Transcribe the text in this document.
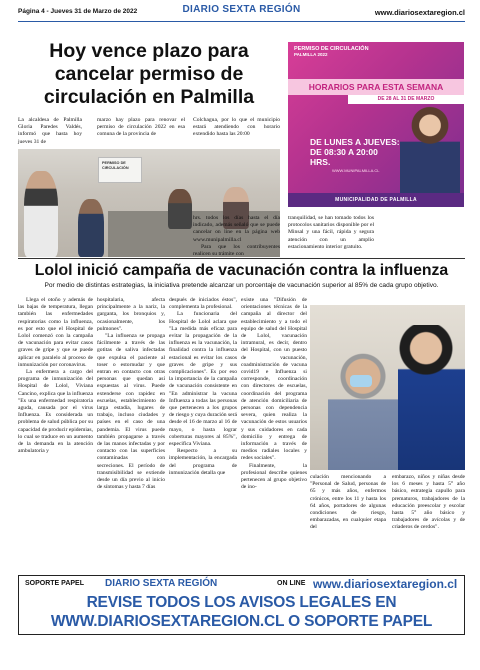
Página 4 - Jueves 31 de Marzo de 2022	DIARIO SEXTA REGIÓN	www.diariosextaregion.cl
Hoy vence plazo para cancelar permiso de circulación en Palmilla
La alcaldesa de Palmilla Gloria Paredes Valdés, informó que hasta hoy jueves 31 de
marzo hay plazo para renovar el permiso de circulación 2022 en esa comuna de la provincia de
Colchagua, por lo que el municipio estará atendiendo con horario extendido hasta las 20:00
PERMISO DE CIRCULACIÓN
hrs. todos los días hasta el día indicado, además señaló que se puede cancelar on line en la página web www.munipalmilla.cl
Para que los contribuyentes realicen su trámite con
tranquilidad, se han tomado todos los protocolos sanitarios disponible por el Minsal y una fácil, rápida y segura atención con un amplio estacionamiento interior gratuito.
PERMISO DE CIRCULACIÓN
PALMILLA 2022
HORARIOS PARA ESTA SEMANA
DE 28 AL 31 DE MARZO
DE LUNES A JUEVES: DE 08:30 A 20:00 HRS.
WWW.MUNIPALMILLA.CL
MUNICIPALIDAD DE PALMILLA
Lolol inició campaña de vacunación contra la influenza
Por medio de distintas estrategias, la iniciativa pretende alcanzar un porcentaje de vacunación superior al 85% de cada grupo objetivo.
Llega el otoño y además de las bajas de temperatura, llegan también las enfermedades respiratorias como la influenza, es por esto que el Hospital de Lolol comenzó con la campaña de vacunación para evitar casos graves de gripe y que se puede aplicar en paralelo al proceso de inmunización por coronavirus.
La enfermera a cargo del programa de inmunización del Hospital de Lolol, Viviana Cancino, explica que la influenza "Es una enfermedad respiratoria aguda, causada por el virus Influenza. Es considerada un problema de salud pública por su capacidad de producir epidemias, lo cual se traduce en un aumento de la demanda en la atención ambulatoria y
hospitalaria, afecta principalmente a la nariz, la garganta, los bronquios y, ocasionalmente, los pulmones".
"La influenza se propaga fácilmente a través de las gotitas de saliva infectadas que expulsa el paciente al toser o estornudar y que entran en contacto con otras personas que quedan así expuestas al virus. Puede extenderse con rapidez en escuelas, establecimiento de larga estadía, lugares de trabajo, incluso ciudades y países en el caso de una pandemia. El virus puede también propagarse a través de las manos infectadas y por contacto con las superficies contaminadas con secreciones. El período de transmisibilidad se extiende desde un día previo al inicio de síntomas y hasta 7 días
después de iniciados éstos", complementa la profesional.
La funcionaria del Hospital de Lolol aclara que "La medida más eficaz para evitar la propagación de la influenza es la vacunación, la finalidad contra la influenza estacional es evitar los casos graves de gripe y sus complicaciones". Es por eso la importancia de la campaña de vacunación consistente en "En administrar la vacuna Influenza a todas las personas que pertenecen a los grupos de riesgo y cuya duración será desde el 16 de marzo al 16 de mayo, o hasta lograr coberturas mayores al 85%", especifica Viviana.
Respecto a su implementación, la encargada del programa de inmunización detalla que
existe una "Difusión de orientaciones técnicas de la campaña al director del establecimiento y a todo el equipo de salud del Hospital de Lolol, vacunación intramural, es decir, dentro del Hospital, con un puesto de vacunación, coadministración de vacuna covid19 e Influenza si corresponde, coordinación con directores de escuelas, coordinación del programa de atención domiciliaria de personas con dependencia severa, quien realiza la vacunación de estos usuarios y sus cuidadores en cada domicilio y entrega de información a través de medios radiales locales y redes sociales".
Finalmente, la profesional describe quienes pertenecen al grupo objetivo de ino-
culación mencionando a "Personal de Salud, personas de 65 y más años, enfermos crónicos, entre los 11 y hasta los 64 años, portadores de algunas condiciones de riesgo, embarazadas, en cualquier etapa del
embarazo, niños y niñas desde los 6 meses y hasta 5° año básico, estrategia capullo para prematuros, trabajadores de la educación preescolar y escolar hasta 5° año básico y trabajadores de avícolas y de criaderos de cerdos".
SOPORTE PAPEL DIARIO SEXTA REGIÓN	ON LINE www.diariosextaregion.cl
REVISE TODOS LOS AVISOS LEGALES EN
WWW.DIARIOSEXTAREGION.CL O SOPORTE PAPEL
